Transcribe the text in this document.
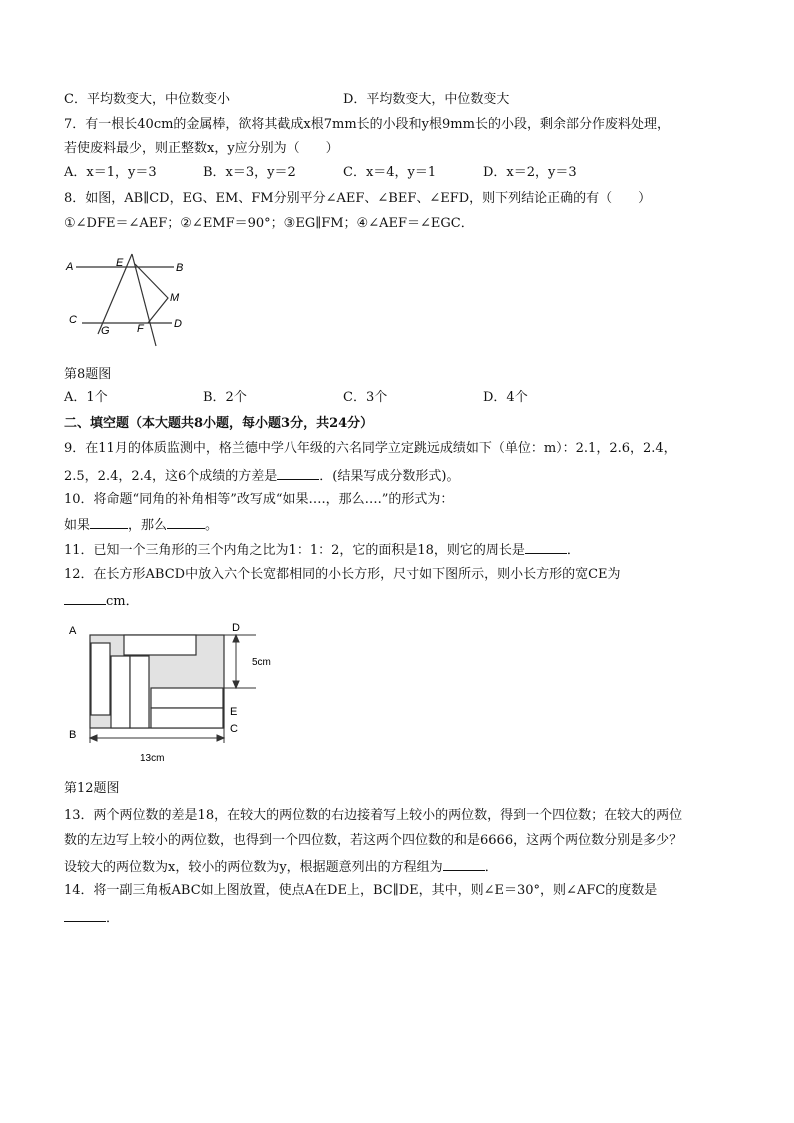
C．平均数变大，中位数变小	D．平均数变大，中位数变大
7．有一根长40cm的金属棒，欲将其截成x根7mm长的小段和y根9mm长的小段，剩余部分作废料处理，
若使废料最少，则正整数x，y应分别为（　　）
A．x＝1，y＝3	B．x＝3，y＝2	C．x＝4，y＝1	D．x＝2，y＝3
8．如图，AB∥CD，EG、EM、FM分别平分∠AEF、∠BEF、∠EFD，则下列结论正确的有（　　）
①∠DFE＝∠AEF；②∠EMF＝90°；③EG∥FM；④∠AEF＝∠EGC．
A	E	B
M
C	D
G F
第8题图
A．1个	B．2个	C．3个	D．4个
二、填空题（本大题共8小题，每小题3分，共24分）
9．在11月的体质监测中，格兰德中学八年级的六名同学立定跳远成绩如下（单位：m）：2.1，2.6，2.4，
2.5，2.4，2.4，这6个成绩的方差是	．(结果写成分数形式)。
10．将命题“同角的补角相等”改写成“如果….，那么….”的形式为：
如果	，那么	。
11．已知一个三角形的三个内角之比为1：1：2，它的面积是18，则它的周长是	．
12．在长方形ABCD中放入六个长宽都相同的小长方形，尺寸如下图所示，则小长方形的宽CE为
cm．
A	D
B
E
C
5cm
13cm
第12题图
13．两个两位数的差是18，在较大的两位数的右边接着写上较小的两位数，得到一个四位数；在较大的两位
数的左边写上较小的两位数，也得到一个四位数，若这两个四位数的和是6666，这两个两位数分别是多少？
设较大的两位数为x，较小的两位数为y，根据题意列出的方程组为	．
14．将一副三角板ABC如上图放置，使点A在DE上，BC∥DE，其中，则∠E＝30°，则∠AFC的度数是
．
